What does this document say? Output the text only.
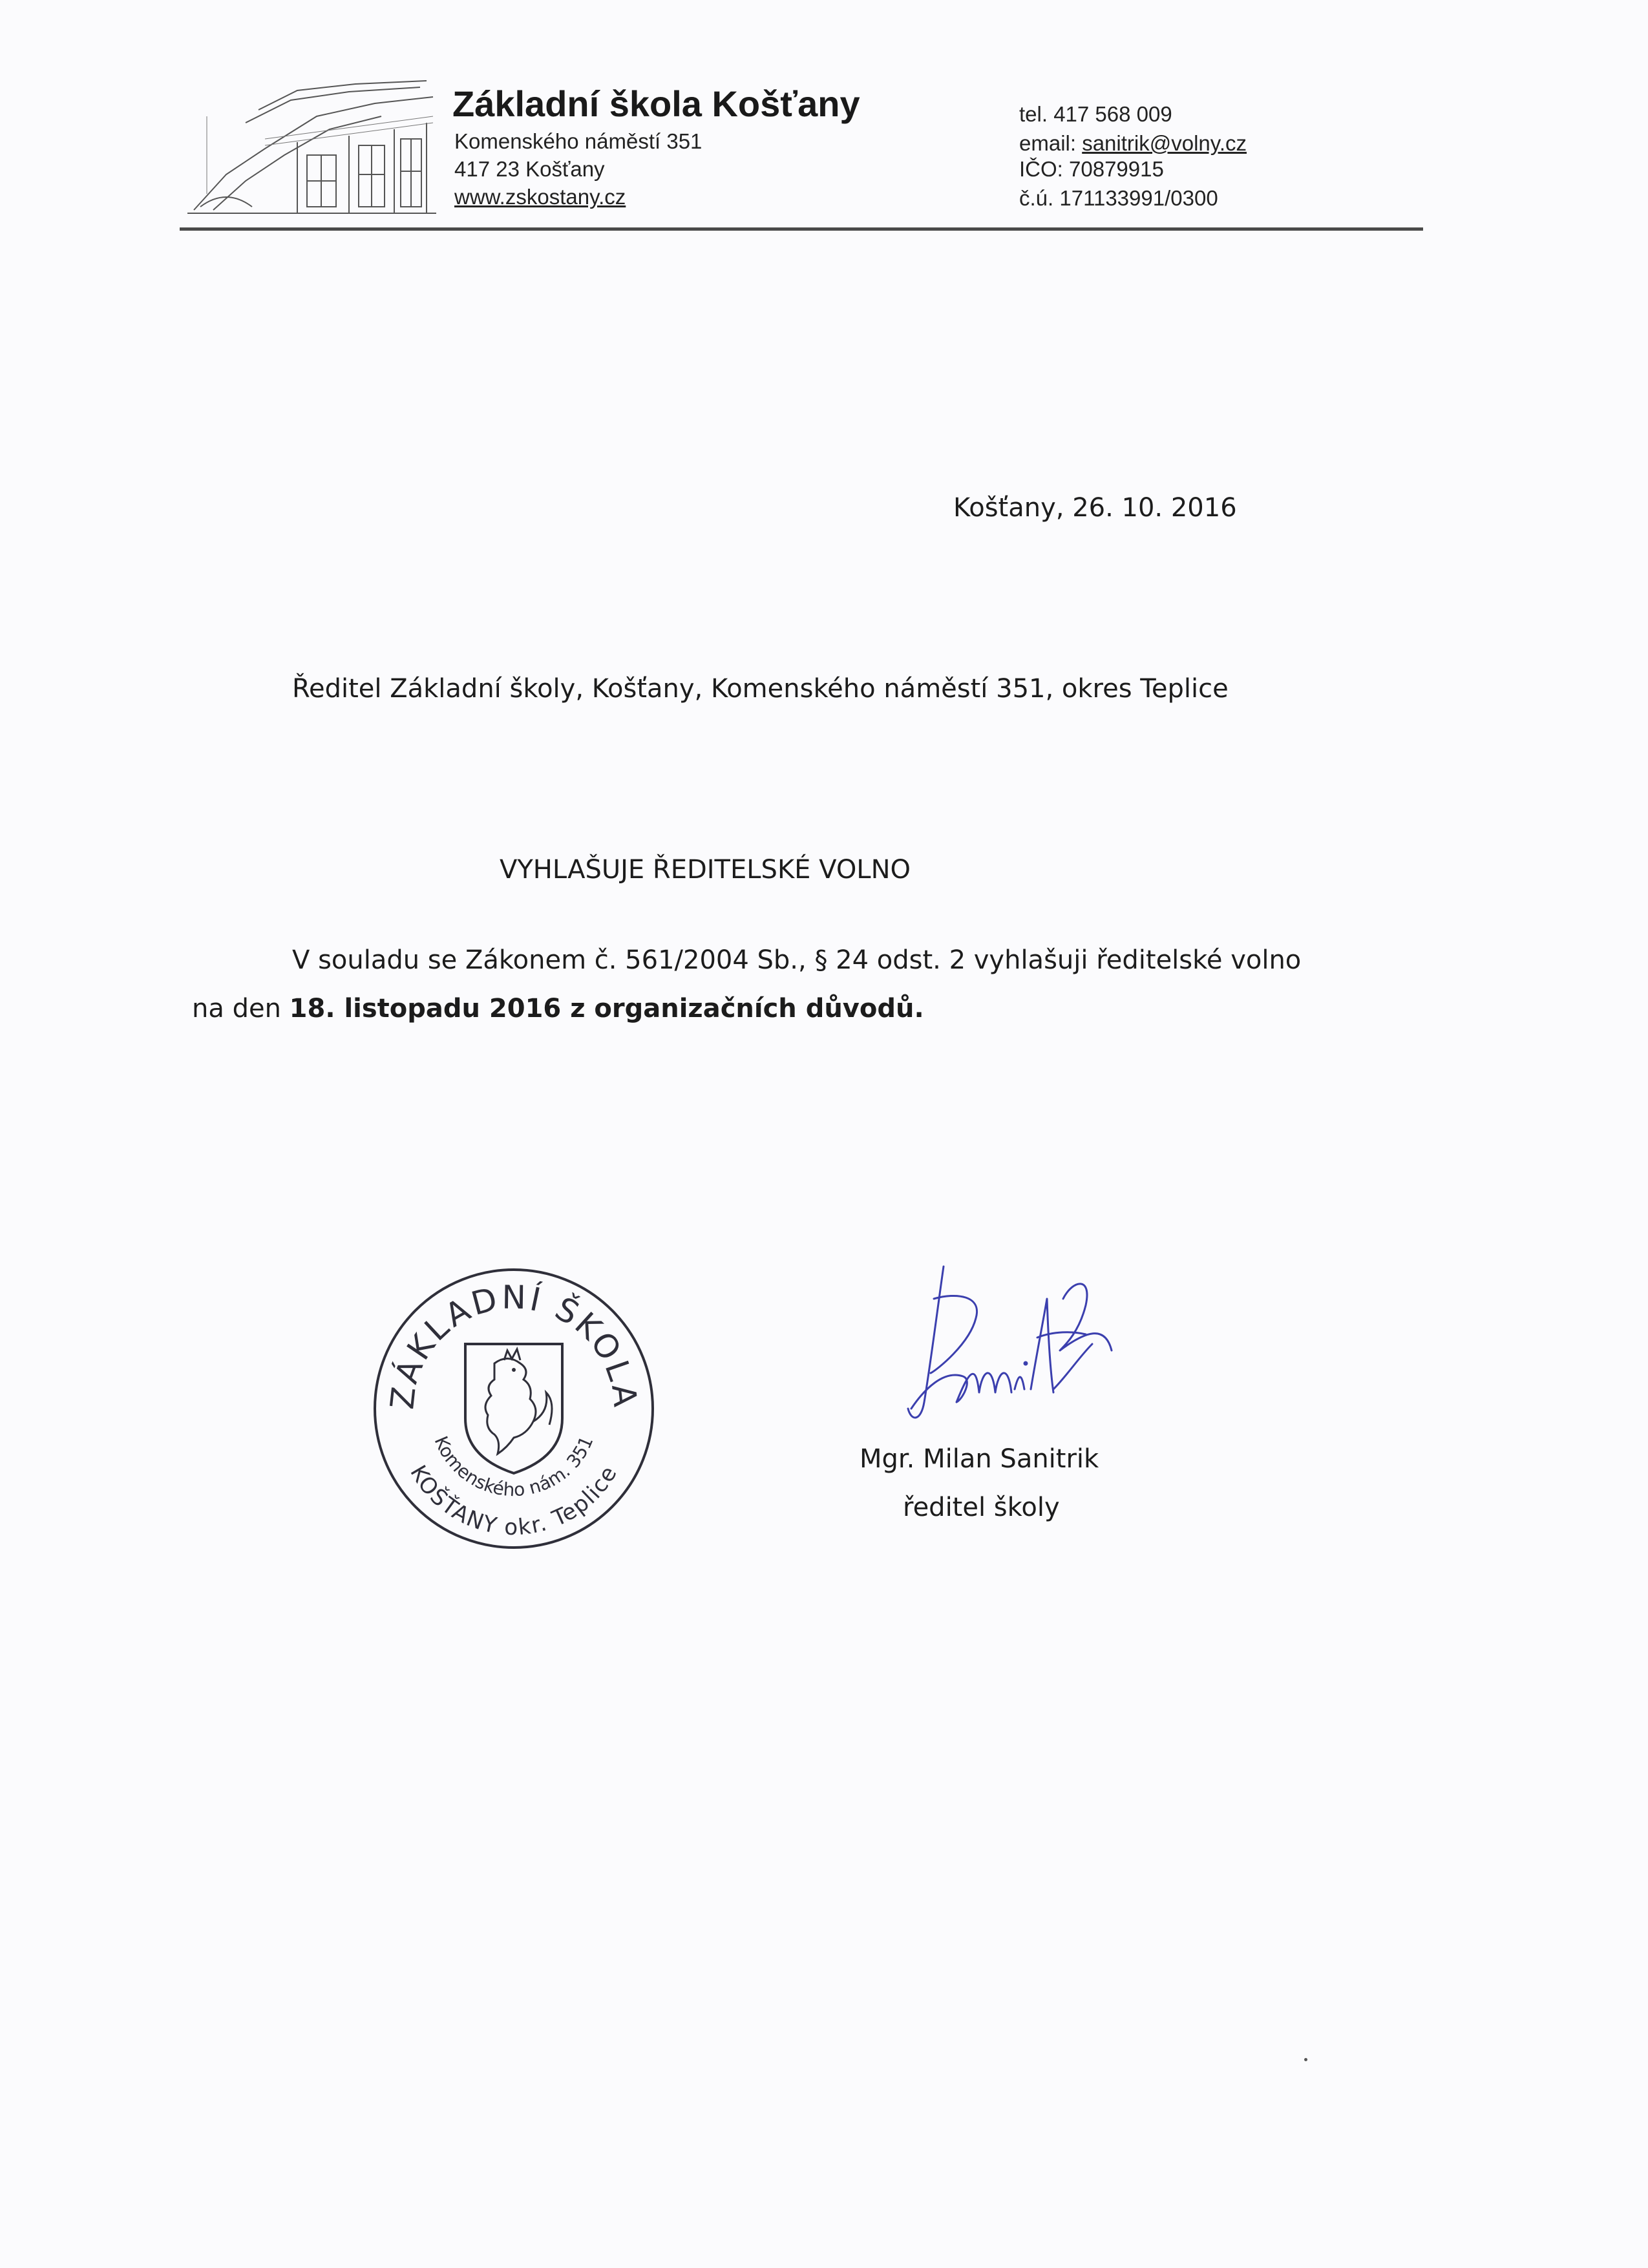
Základní škola Košťany
Komenského náměstí 351
417 23 Košťany
www.zskostany.cz
tel. 417 568 009
email: sanitrik@volny.cz
IČO: 70879915
č.ú. 171133991/0300
Košťany, 26. 10. 2016
Ředitel Základní školy, Košťany, Komenského náměstí 351, okres Teplice
VYHLAŠUJE ŘEDITELSKÉ VOLNO
V souladu se Zákonem č. 561/2004 Sb., § 24 odst. 2 vyhlašuji ředitelské volno
na den 18. listopadu 2016 z organizačních důvodů.
ZÁKLADNÍ ŠKOLA
Komenského nám. 351
KOŠŤANY okr. Teplice	Mgr. Milan Sanitrik
ředitel školy
